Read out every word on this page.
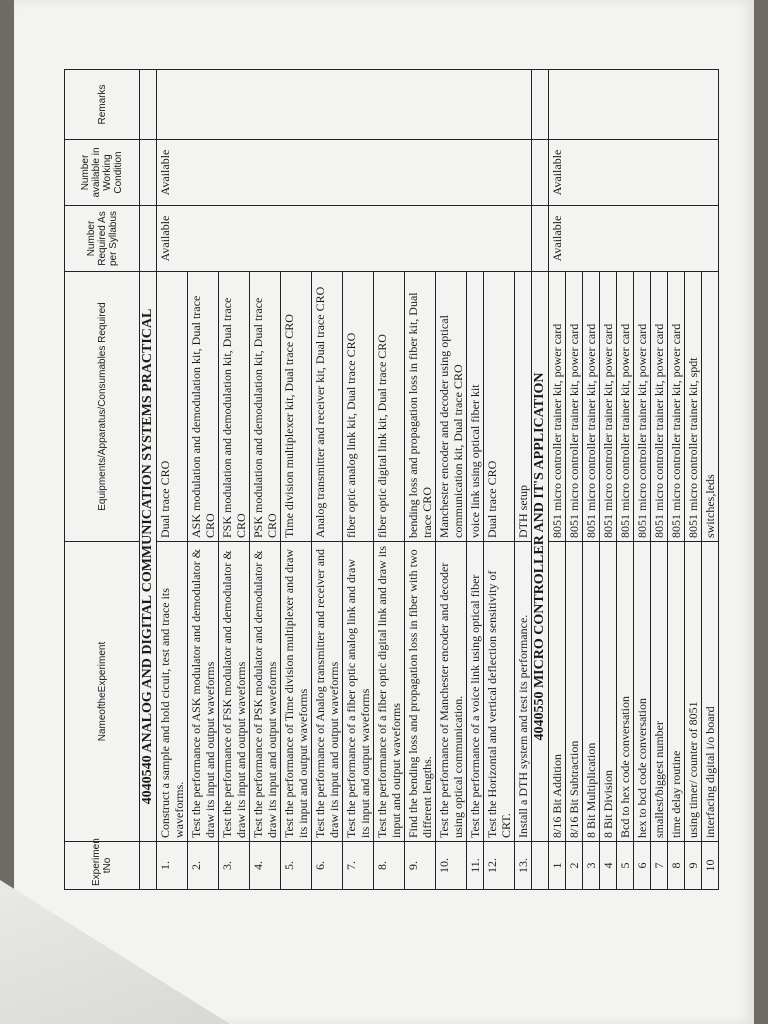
Experimen tNo	NameoftheExperiment	Equipments/Apparatus/Consumables Required	Number Required As per Syllabus	Number available in Working Condition	Remarks
	4040540 ANALOG AND DIGITAL COMMUNICATION SYSTEMS PRACTICAL				
1.	Construct a sample and hold cicuit, test and trace its waveforms.	Dual trace CRO	Available	Available	
2.	Test the performance of ASK modulator and demodulator & draw its input and output waveforms	ASK modulation and demodulation kit, Dual trace CRO			
3.	Test the performance of FSK modulator and demodulator & draw its input and output waveforms	FSK modulation and demodulation kit, Dual trace CRO			
4.	Test the performance of PSK modulator and demodulator & draw its input and output waveforms	PSK modulation and demodulation kit, Dual trace CRO			
5.	Test the performance of Time division multiplexer and draw its input and output waveforms	Time division multiplexer kit, Dual trace CRO			
6.	Test the performance of Analog transmitter and receiver and draw its input and output waveforms	Analog transmitter and receiver kit, Dual trace CRO			
7.	Test the performance of a fiber optic analog link and draw its input and output waveforms	fiber optic analog link kit, Dual trace CRO			
8.	Test the performance of a fiber optic digital link and draw its input and output waveforms	fiber optic digital link kit, Dual trace CRO			
9.	Find the bending loss and propagation loss in fiber with two different lengths.	bending loss and propagation loss in fiber kit, Dual trace CRO			
10.	Test the performance of Manchester encoder and decoder using optical communication.	Manchester encoder and decoder using optical communication kit, Dual trace CRO			
11.	Test the performance of a voice link using optical fiber	voice link using optical fiber kit			
12.	Test the Horizontal and vertical deflection sensitivity of CRT.	Dual trace CRO			
13.	Install a DTH system and test its performance.	DTH setup			
	4040550 MICRO CONTROLLER AND IT'S APPLICATION				
1	8/16 Bit Addition	8051 micro controller trainer kit, power card	Available	Available	
2	8/16 Bit Subtraction	8051 micro controller trainer kit, power card			
3	8 Bit Multiplication	8051 micro controller trainer kit, power card			
4	8 Bit Division	8051 micro controller trainer kit, power card			
5	Bcd to hex code conversation	8051 micro controller trainer kit, power card			
6	hex to bcd code conversation	8051 micro controller trainer kit, power card			
7	smallest/biggest number	8051 micro controller trainer kit, power card			
8	time delay routine	8051 micro controller trainer kit, power card			
9	using timer/ counter of 8051	8051 micro controller trainer kit, spdt			
10	interfacing digital i/o board	switches,leds			
